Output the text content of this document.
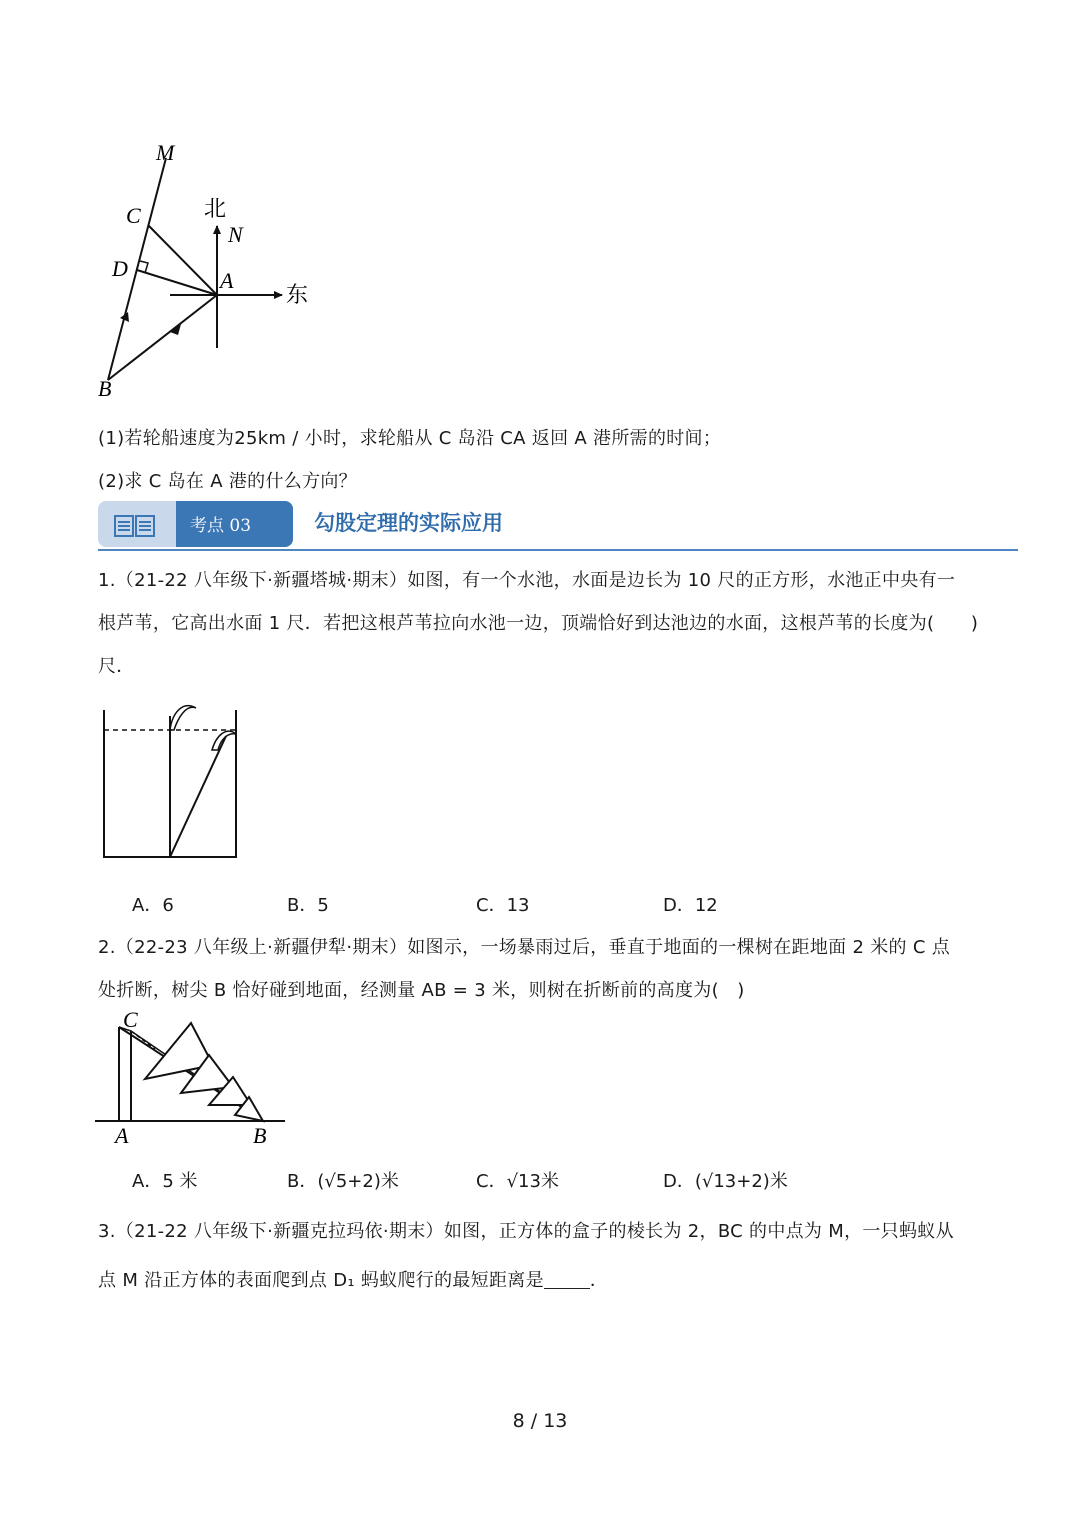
M
C
D	A
B
N
北
东
(1)若轮船速度为25km / 小时，求轮船从 C 岛沿 CA 返回 A 港所需的时间；
(2)求 C 岛在 A 港的什么方向？
考点 03	勾股定理的实际应用
1.（21-22 八年级下·新疆塔城·期末）如图，有一个水池，水面是边长为 10 尺的正方形，水池正中央有一
根芦苇，它高出水面 1 尺．若把这根芦苇拉向水池一边，顶端恰好到达池边的水面，这根芦苇的长度为(　　)
尺．
A．6	B．5	C．13	D．12
2.（22-23 八年级上·新疆伊犁·期末）如图示，一场暴雨过后，垂直于地面的一棵树在距地面 2 米的 C 点
处折断，树尖 B 恰好碰到地面，经测量 AB = 3 米，则树在折断前的高度为(　)
C
A	B
A．5 米	B．(√5+2)米	C．√13米	D．(√13+2)米
3.（21-22 八年级下·新疆克拉玛依·期末）如图，正方体的盒子的棱长为 2，BC 的中点为 M，一只蚂蚁从
点 M 沿正方体的表面爬到点 D₁ 蚂蚁爬行的最短距离是	．
8 / 13
